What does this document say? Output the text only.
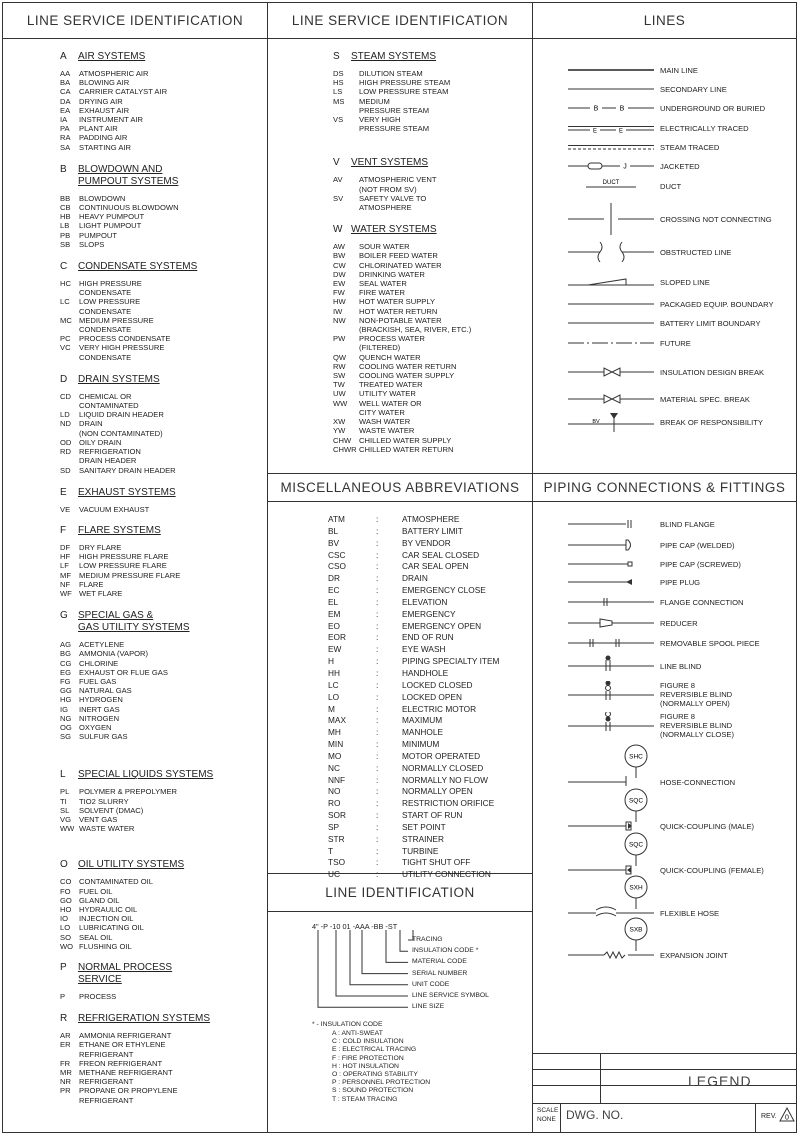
LINE SERVICE IDENTIFICATION	LINE SERVICE IDENTIFICATION	LINES
MISCELLANEOUS ABBREVIATIONS	PIPING CONNECTIONS & FITTINGS
LINE IDENTIFICATION
A AIR SYSTEMS
AA	ATMOSPHERIC AIR
BA	BLOWING AIR
CA	CARRIER CATALYST AIR
DA	DRYING AIR
EA	EXHAUST AIR
IA	INSTRUMENT AIR
PA	PLANT AIR
RA	PADDING AIR
SA	STARTING AIR
B BLOWDOWN AND
PUMPOUT SYSTEMS
BB	BLOWDOWN
CB	CONTINUOUS BLOWDOWN
HB	HEAVY PUMPOUT
LB	LIGHT PUMPOUT
PB	PUMPOUT
SB	SLOPS
C CONDENSATE SYSTEMS
HC	HIGH PRESSURE
CONDENSATE
LC	LOW PRESSURE
CONDENSATE
MC MEDIUM PRESSURE
CONDENSATE
PC	PROCESS CONDENSATE
VC	VERY HIGH PRESSURE
CONDENSATE
D DRAIN SYSTEMS
CD	CHEMICAL OR
CONTAMINATED
LD	LIQUID DRAIN HEADER
ND	DRAIN
(NON CONTAMINATED)
OD	OILY DRAIN
RD	REFRIGERATION
DRAIN HEADER
SD	SANITARY DRAIN HEADER
E EXHAUST SYSTEMS
VE	VACUUM EXHAUST
F FLARE SYSTEMS
DF	DRY FLARE
HF	HIGH PRESSURE FLARE
LF	LOW PRESSURE FLARE
MF	MEDIUM PRESSURE FLARE
NF	FLARE
WF WET FLARE
G SPECIAL GAS &
GAS UTILITY SYSTEMS
AG	ACETYLENE
BG	AMMONIA (VAPOR)
CG	CHLORINE
EG	EXHAUST OR FLUE GAS
FG	FUEL GAS
GG NATURAL GAS
HG	HYDROGEN
IG	INERT GAS
NG	NITROGEN
OG OXYGEN
SG	SULFUR GAS
L SPECIAL LIQUIDS SYSTEMS
PL	POLYMER & PREPOLYMER
TI	TIO2 SLURRY
SL	SOLVENT (DMAC)
VG	VENT GAS
WW WASTE WATER
O OIL UTILITY SYSTEMS
CO	CONTAMINATED OIL
FO	FUEL OIL
GO GLAND OIL
HO	HYDRAULIC OIL
IO	INJECTION OIL
LO	LUBRICATING OIL
SO	SEAL OIL
WO FLUSHING OIL
P NORMAL PROCESS
SERVICE
P	PROCESS
R REFRIGERATION SYSTEMS
AR	AMMONIA REFRIGERANT
ER	ETHANE OR ETHYLENE
REFRIGERANT
FR	FREON REFRIGERANT
MR METHANE REFRIGERANT
NR	REFRIGERANT
PR	PROPANE OR PROPYLENE
REFRIGERANT
S STEAM SYSTEMS
DS	DILUTION STEAM
HS	HIGH PRESSURE STEAM
LS	LOW PRESSURE STEAM
MS	MEDIUM
PRESSURE STEAM
VS	VERY HIGH
PRESSURE STEAM
V VENT SYSTEMS
AV	ATMOSPHERIC VENT
(NOT FROM SV)
SV	SAFETY VALVE TO
ATMOSPHERE
W WATER SYSTEMS
AW	SOUR WATER
BW	BOILER FEED WATER
CW	CHLORINATED WATER
DW	DRINKING WATER
EW	SEAL WATER
FW	FIRE WATER
HW	HOT WATER SUPPLY
IW	HOT WATER RETURN
NW	NON-POTABLE WATER
(BRACKISH, SEA, RIVER, ETC.)
PW	PROCESS WATER
(FILTERED)
QW	QUENCH WATER
RW	COOLING WATER RETURN
SW	COOLING WATER SUPPLY
TW	TREATED WATER
UW	UTILITY WATER
WW	WELL WATER OR
CITY WATER
XW	WASH WATER
YW	WASTE WATER
CHW	CHILLED WATER SUPPLY
CHWR CHILLED WATER RETURN
ATM	:	ATMOSPHERE
BL	:	BATTERY LIMIT
BV	:	BY VENDOR
CSC	:	CAR SEAL CLOSED
CSO	:	CAR SEAL OPEN
DR	:	DRAIN
EC	:	EMERGENCY CLOSE
EL	:	ELEVATION
EM	:	EMERGENCY
EO	:	EMERGENCY OPEN
EOR	:	END OF RUN
EW	:	EYE WASH
H	:	PIPING SPECIALTY ITEM
HH	:	HANDHOLE
LC	:	LOCKED CLOSED
LO	:	LOCKED OPEN
M	:	ELECTRIC MOTOR
MAX	:	MAXIMUM
MH	:	MANHOLE
MIN	:	MINIMUM
MO	:	MOTOR OPERATED
NC	:	NORMALLY CLOSED
NNF	:	NORMALLY NO FLOW
NO	:	NORMALLY OPEN
RO	:	RESTRICTION ORIFICE
SOR	:	START OF RUN
SP	:	SET POINT
STR	:	STRAINER
T	:	TURBINE
TSO	:	TIGHT SHUT OFF
UC	:	UTILITY CONNECTION
MAIN LINE
SECONDARY LINE
B	B	UNDERGROUND OR BURIED
E	E	ELECTRICALLY TRACED
STEAM TRACED
J	JACKETED
DUCT	DUCT
CROSSING NOT CONNECTING
OBSTRUCTED LINE
SLOPED LINE
PACKAGED EQUIP. BOUNDARY
BATTERY LIMIT BOUNDARY
FUTURE
INSULATION DESIGN BREAK
MATERIAL SPEC. BREAK
BV	BREAK OF RESPONSIBILITY
BLIND FLANGE
PIPE CAP (WELDED)
PIPE CAP (SCREWED)
PIPE PLUG
FLANGE CONNECTION
REDUCER
REMOVABLE SPOOL PIECE
LINE BLIND
FIGURE 8
REVERSIBLE BLIND
(NORMALLY OPEN)
FIGURE 8
REVERSIBLE BLIND
(NORMALLY CLOSE)
SHC
HOSE-CONNECTION
SQC
QUICK-COUPLING (MALE)
SQC
QUICK-COUPLING (FEMALE)
SXH
FLEXIBLE HOSE
SXB
EXPANSION JOINT
4" -P -10 01 -AAA -BB -ST
TRACING
INSULATION CODE *
MATERIAL CODE
SERIAL NUMBER
UNIT CODE
LINE SERVICE SYMBOL
LINE SIZE
* - INSULATION CODE
A : ANTI-SWEAT
C : COLD INSULATION
E : ELECTRICAL TRACING
F : FIRE PROTECTION
H : HOT INSULATION
O : OPERATING STABILITY
P : PERSONNEL PROTECTION
S : SOUND PROTECTION
T : STEAM TRACING
LEGEND
SCALE
NONE DWG. NO.	REV. 0
